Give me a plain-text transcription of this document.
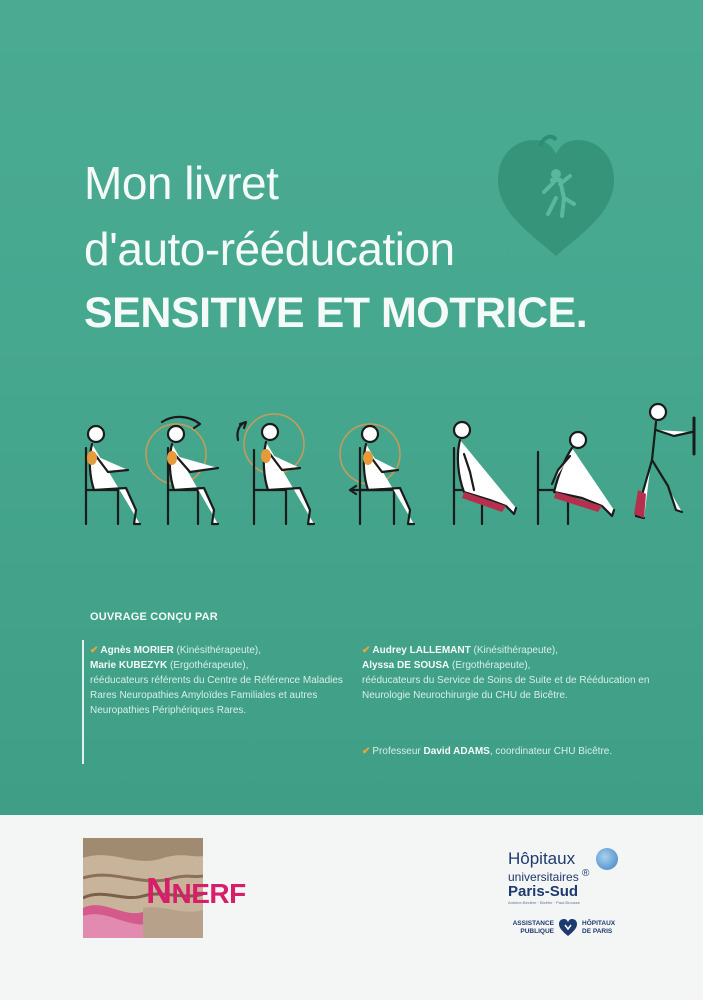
Mon livret
d'auto-rééducation
SENSITIVE ET MOTRICE.
OUVRAGE CONÇU PAR
✔ Agnès MORIER (Kinésithérapeute),
Marie KUBEZYK (Ergothérapeute),
rééducateurs référents du Centre de Référence Maladies Rares Neuropathies Amyloïdes Familiales et autres Neuropathies Périphériques Rares.
✔ Audrey LALLEMANT (Kinésithérapeute),
Alyssa DE SOUSA (Ergothérapeute),
rééducateurs du Service de Soins de Suite et de Rééducation en Neurologie Neurochirurgie du CHU de Bicêtre.
✔ Professeur David ADAMS, coordinateur CHU Bicêtre.
NNERF
Hôpitaux
universitaires ®
Paris-Sud
Antoine-Béclère · Bicêtre · Paul-Brousse
ASSISTANCE
PUBLIQUE
HÔPITAUX
DE PARIS
